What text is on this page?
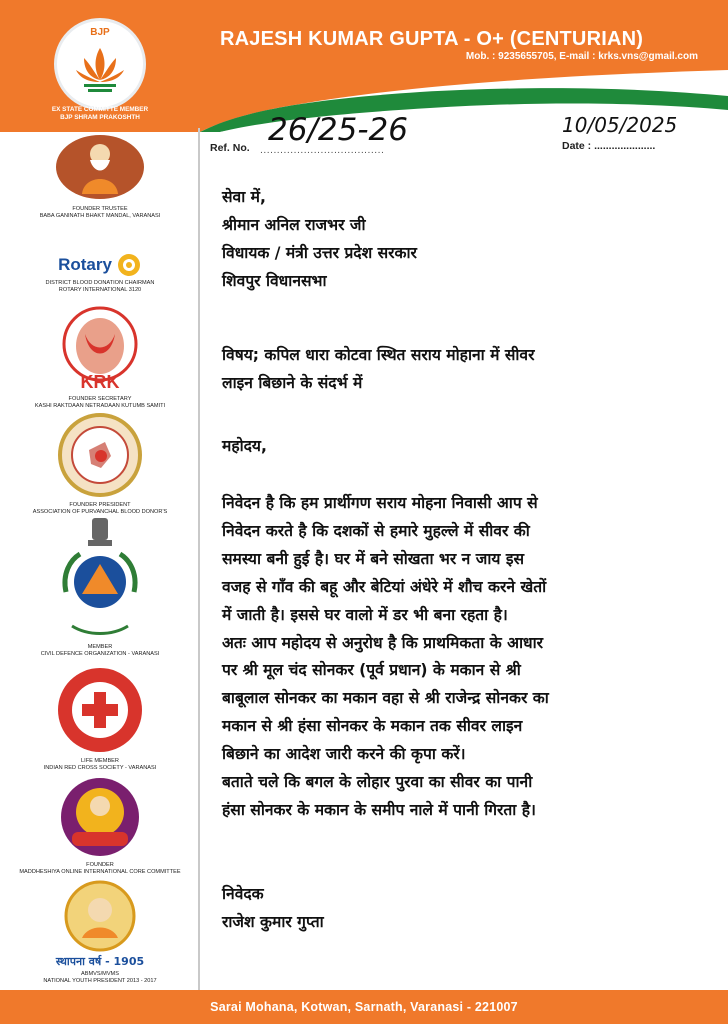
BJP
EX STATE COMMITTE MEMBER
BJP SHRAM PRAKOSHTH
RAJESH KUMAR GUPTA - O+ (CENTURIAN)
Mob. : 9235655705, E-mail : krks.vns@gmail.com
FOUNDER TRUSTEE
BABA GANINATH BHAKT MANDAL, VARANASI
Rotary
DISTRICT BLOOD DONATION CHAIRMAN
ROTARY INTERNATIONAL 3120
KRK
FOUNDER SECRETARY
KASHI RAKTDAAN NETRADAAN KUTUMB SAMITI
FOUNDER PRESIDENT
ASSOCIATION OF PURVANCHAL BLOOD DONOR'S
MEMBER
CIVIL DEFENCE ORGANIZATION - VARANASI
LIFE MEMBER
INDIAN RED CROSS SOCIETY - VARANASI
FOUNDER
MADDHESHIYA ONLINE INTERNATIONAL CORE COMMITTEE
स्थापना वर्ष - 1905
ABMVS/MVMS
NATIONAL YOUTH PRESIDENT 2013 - 2017
26/25-26
Ref. No. .....................................
10/05/2025
Date : .....................
सेवा में,
श्रीमान अनिल राजभर जी
विधायक / मंत्री उत्तर प्रदेश सरकार
शिवपुर विधानसभा
विषय; कपिल धारा कोटवा स्थित सराय मोहाना में सीवर
लाइन बिछाने के संदर्भ में
महोदय,
निवेदन है कि हम प्रार्थीगण सराय मोहना निवासी आप से
निवेदन करते है कि दशकों से हमारे मुहल्ले में सीवर की
समस्या बनी हुई है। घर में बने सोखता भर न जाय इस
वजह से गाँव की बहू और बेटियां अंधेरे में शौच करने खेतों
में जाती है। इससे घर वालो में डर भी बना रहता है।
अतः आप महोदय से अनुरोध है कि प्राथमिकता के आधार
पर श्री मूल चंद सोनकर (पूर्व प्रधान) के मकान से श्री
बाबूलाल सोनकर का मकान वहा से श्री राजेन्द्र सोनकर का
मकान से श्री हंसा सोनकर के मकान तक सीवर लाइन
बिछाने का आदेश जारी करने की कृपा करें।
बताते चले कि बगल के लोहार पुरवा का सीवर का पानी
हंसा सोनकर के मकान के समीप नाले में पानी गिरता है।
निवेदक
राजेश कुमार गुप्ता
Sarai Mohana, Kotwan, Sarnath, Varanasi - 221007
